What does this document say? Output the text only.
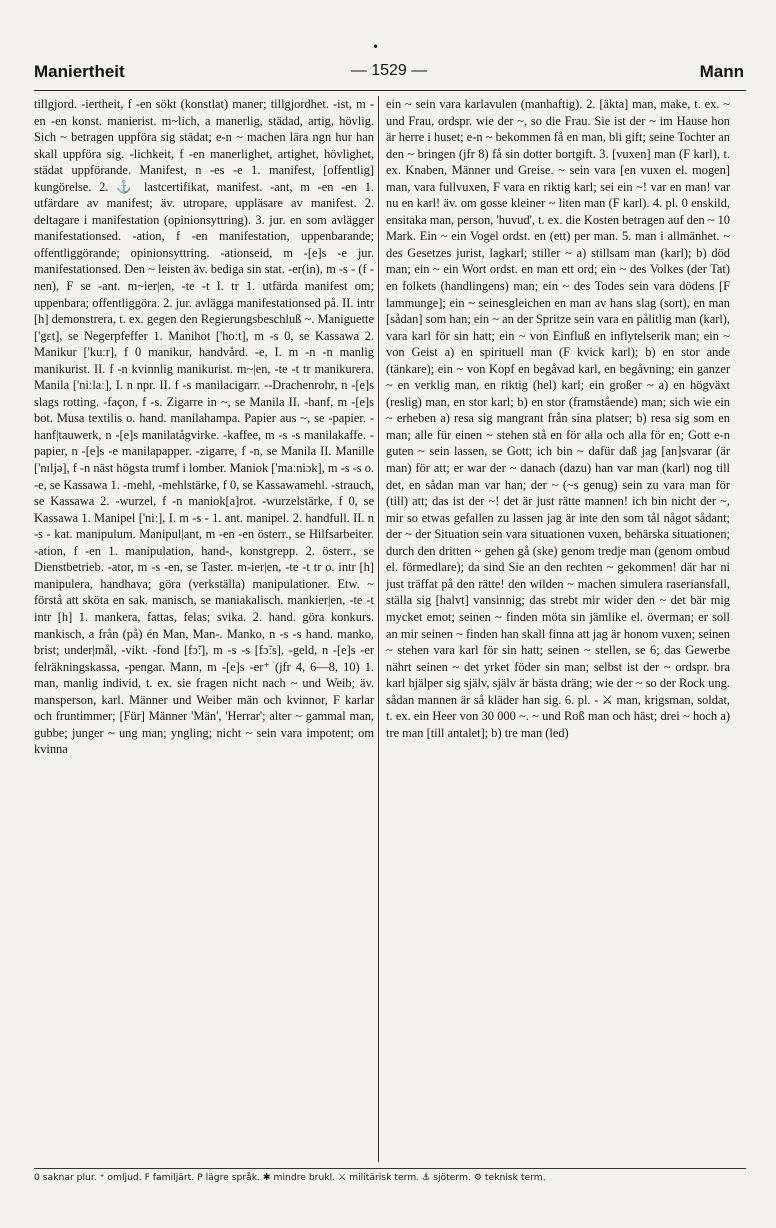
•
Maniertheit	— 1529 —	Mann

tillgjord. -iertheit, f -en sökt (konstlat) maner; tillgjordhet. -ist, m -en -en konst. manierist. m~lich, a manerlig, städad, artig, hövlig. Sich ~ betragen uppföra sig städat; e-n ~ machen lära ngn hur han skall uppföra sig. -lichkeit, f -en manerlighet, artighet, hövlighet, städat uppförande. Manifest, n -es -e 1. manifest, [offentlig] kungörelse. 2. ⚓ lastcertifikat, manifest. -ant, m -en -en 1. utfärdare av manifest; äv. utropare, uppläsare av manifest. 2. deltagare i manifestation (opinionsyttring). 3. jur. en som avlägger manifestationsed. -ation, f -en manifestation, uppenbarande; offentliggörande; opinionsyttring. -ationseid, m -[e]s -e jur. manifestationsed. Den ~ leisten äv. bediga sin stat. -er(in), m -s - (f -nen), F se -ant. m~ier|en, -te -t I. tr 1. utfärda manifest om; uppenbara; offentliggöra. 2. jur. avlägga manifestationsed på. II. intr [h] demonstrera, t. ex. gegen den Regierungsbeschluß ~. Maniguette ['gɛt], se Negerpfeffer 1. Manihot ['hoːt], m -s 0, se Kassawa 2. Manikur ['kuːr], f 0 manikur, handvård. -e, I. m -n -n manlig manikurist. II. f -n kvinnlig manikurist. m~|en, -te -t tr manikurera. Manila ['niːlaː], I. n npr. II. f -s manilacigarr. --Drachenrohr, n -[e]s slags rotting. -façon, f -s. Zigarre in ~, se Manila II. -hanf, m -[e]s bot. Musa textilis o. hand. manilahampa. Papier aus ~, se -papier. -hanf|tauwerk, n -[e]s manilatågvirke. -kaffee, m -s -s manilakaffe. -papier, n -[e]s -e manilapapper. -zigarre, f -n, se Manila II. Manille ['nɪljə], f -n näst högsta trumf i lomber. Maniok ['maːniɔk], m -s -s o. -e, se Kassawa 1. -mehl, -mehlstärke, f 0, se Kassawamehl. -strauch, se Kassawa 2. -wurzel, f -n maniok[a]rot. -wurzelstärke, f 0, se Kassawa 1. Manipel ['niː], I. m -s - 1. ant. manipel. 2. handfull. II. n -s - kat. manipulum. Manipul|ant, m -en -en österr., se Hilfsarbeiter. -ation, f -en 1. manipulation, hand-, konstgrepp. 2. österr., se Dienstbetrieb. -ator, m -s -en, se Taster. m-ier|en, -te -t tr o. intr [h] manipulera, handhava; göra (verkställa) manipulationer. Etw. ~ förstå att sköta en sak. manisch, se maniakalisch. mankier|en, -te -t intr [h] 1. mankera, fattas, felas; svika. 2. hand. göra konkurs. mankisch, a från (på) én Man, Man-. Manko, n -s -s hand. manko, brist; under|mål, -vikt. -fond [fɔ̃ː], m -s -s [fɔ̃ːs], -geld, n -[e]s -er felräkningskassa, -pengar. Mann, m -[e]s -er⁺ (jfr 4, 6—8, 10) 1. man, manlig individ, t. ex. sie fragen nicht nach ~ und Weib; äv. mansperson, karl. Männer und Weiber män och kvinnor, F karlar och fruntimmer; [Für] Männer 'Män', 'Herrar'; alter ~ gammal man, gubbe; junger ~ ung man; yngling; nicht ~ sein vara impotent; om kvinna

ein ~ sein vara karlavulen (manhaftig). 2. [äkta] man, make, t. ex. ~ und Frau, ordspr. wie der ~, so die Frau. Sie ist der ~ im Hause hon är herre i huset; e-n ~ bekommen få en man, bli gift; seine Tochter an den ~ bringen (jfr 8) få sin dotter bortgift. 3. [vuxen] man (F karl), t. ex. Knaben, Männer und Greise. ~ sein vara [en vuxen el. mogen] man, vara fullvuxen, F vara en riktig karl; sei ein ~! var en man! var nu en karl! äv. om gosse kleiner ~ liten man (F karl). 4. pl. 0 enskild, ensitaka man, person, 'huvud', t. ex. die Kosten betragen auf den ~ 10 Mark. Ein ~ ein Vogel ordst. en (ett) per man. 5. man i allmänhet. ~ des Gesetzes jurist, lagkarl; stiller ~ a) stillsam man (karl); b) död man; ein ~ ein Wort ordst. en man ett ord; ein ~ des Volkes (der Tat) en folkets (handlingens) man; ein ~ des Todes sein vara dödens [F lammunge]; ein ~ seinesgleichen en man av hans slag (sort), en man [sådan] som han; ein ~ an der Spritze sein vara en pålitlig man (karl), vara karl för sin hatt; ein ~ von Einfluß en inflytelserik man; ein ~ von Geist a) en spirituell man (F kvick karl); b) en stor ande (tänkare); ein ~ von Kopf en begåvad karl, en begåvning; ein ganzer ~ en verklig man, en riktig (hel) karl; ein großer ~ a) en högväxt (reslig) man, en stor karl; b) en stor (framstående) man; sich wie ein ~ erheben a) resa sig mangrant från sina platser; b) resa sig som en man; alle für einen ~ stehen stå en för alla och alla för en; Gott e-n guten ~ sein lassen, se Gott; ich bin ~ dafür daß jag [an]svarar (är man) för att; er war der ~ danach (dazu) han var man (karl) nog till det, en sådan man var han; der ~ (~s genug) sein zu vara man för (till) att; das ist der ~! det är just rätte mannen! ich bin nicht der ~, mir so etwas gefallen zu lassen jag är inte den som tål något sådant; der ~ der Situation sein vara situationen vuxen, behärska situationen; durch den dritten ~ gehen gå (ske) genom tredje man (genom ombud el. förmedlare); da sind Sie an den rechten ~ gekommen! där har ni just träffat på den rätte! den wilden ~ machen simulera raseriansfall, ställa sig [halvt] vansinnig; das strebt mir wider den ~ det bär mig mycket emot; seinen ~ finden möta sin jämlike el. överman; er soll an mir seinen ~ finden han skall finna att jag är honom vuxen; seinen ~ stehen vara karl för sin hatt; seinen ~ stellen, se 6; das Gewerbe nährt seinen ~ det yrket föder sin man; selbst ist der ~ ordspr. bra karl hjälper sig själv, själv är bästa dräng; wie der ~ so der Rock ung. sådan mannen är så kläder han sig. 6. pl. - ⚔ man, krigsman, soldat, t. ex. ein Heer von 30 000 ~. ~ und Roß man och häst; drei ~ hoch a) tre man [till antalet]; b) tre man (led)

0 saknar plur. ⁺ omljud. F familjärt. P lägre språk. ✱ mindre brukl. ⚔ militärisk term. ⚓ sjöterm. ⚙ teknisk term.
